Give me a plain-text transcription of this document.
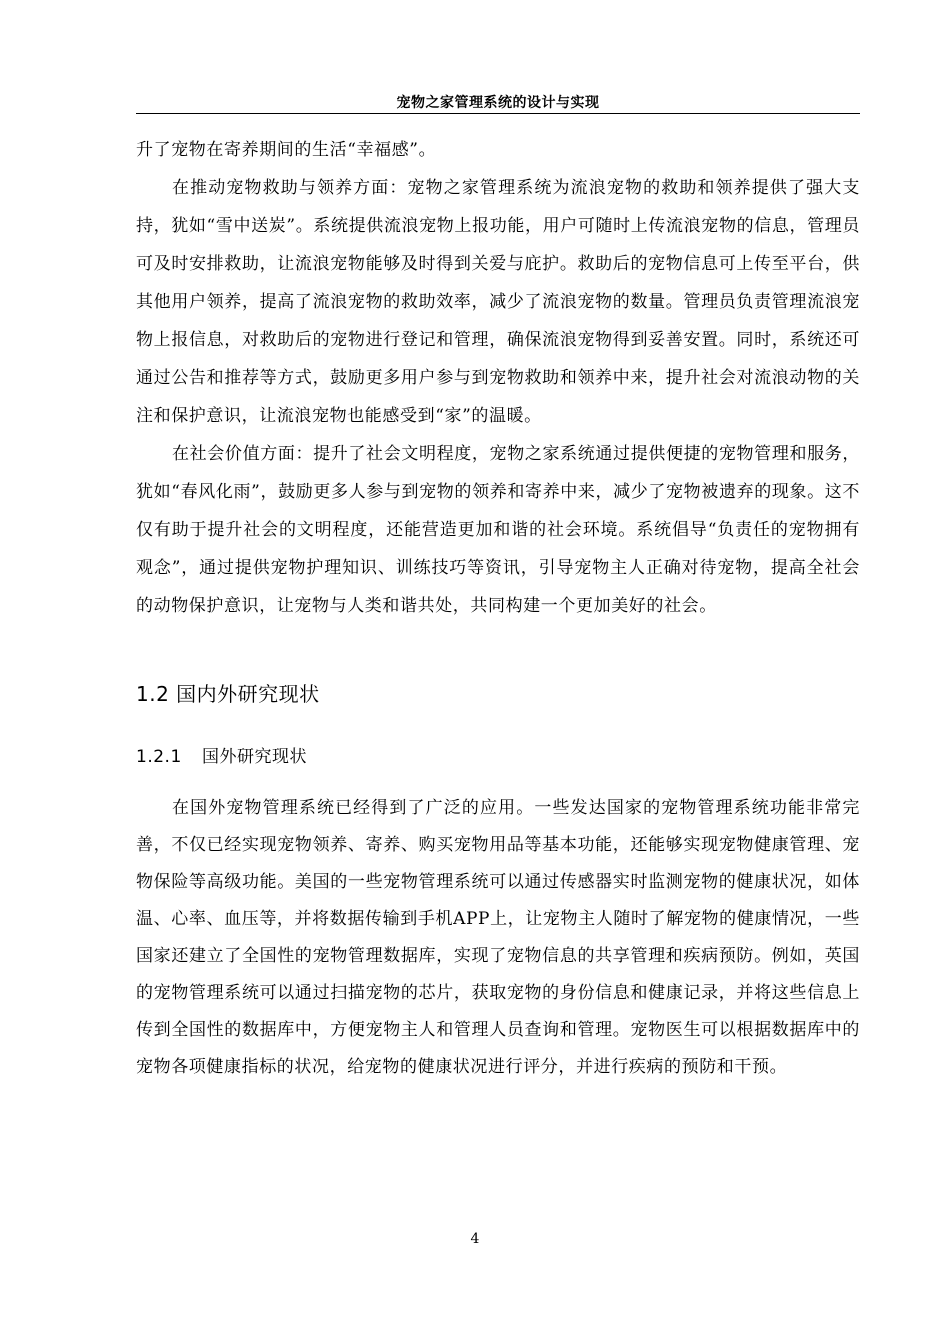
宠物之家管理系统的设计与实现

升了宠物在寄养期间的生活“幸福感”。

在推动宠物救助与领养方面：宠物之家管理系统为流浪宠物的救助和领养提供了强大支持，犹如“雪中送炭”。系统提供流浪宠物上报功能，用户可随时上传流浪宠物的信息，管理员可及时安排救助，让流浪宠物能够及时得到关爱与庇护。救助后的宠物信息可上传至平台，供其他用户领养，提高了流浪宠物的救助效率，减少了流浪宠物的数量。管理员负责管理流浪宠物上报信息，对救助后的宠物进行登记和管理，确保流浪宠物得到妥善安置。同时，系统还可通过公告和推荐等方式，鼓励更多用户参与到宠物救助和领养中来，提升社会对流浪动物的关注和保护意识，让流浪宠物也能感受到“家”的温暖。

在社会价值方面：提升了社会文明程度，宠物之家系统通过提供便捷的宠物管理和服务，犹如“春风化雨”，鼓励更多人参与到宠物的领养和寄养中来，减少了宠物被遗弃的现象。这不仅有助于提升社会的文明程度，还能营造更加和谐的社会环境。系统倡导“负责任的宠物拥有观念”，通过提供宠物护理知识、训练技巧等资讯，引导宠物主人正确对待宠物，提高全社会的动物保护意识，让宠物与人类和谐共处，共同构建一个更加美好的社会。

1.2 国内外研究现状
1.2.1 国外研究现状

在国外宠物管理系统已经得到了广泛的应用。一些发达国家的宠物管理系统功能非常完善，不仅已经实现宠物领养、寄养、购买宠物用品等基本功能，还能够实现宠物健康管理、宠物保险等高级功能。美国的一些宠物管理系统可以通过传感器实时监测宠物的健康状况，如体温、心率、血压等，并将数据传输到手机APP上，让宠物主人随时了解宠物的健康情况，一些国家还建立了全国性的宠物管理数据库，实现了宠物信息的共享管理和疾病预防。例如，英国的宠物管理系统可以通过扫描宠物的芯片，获取宠物的身份信息和健康记录，并将这些信息上传到全国性的数据库中，方便宠物主人和管理人员查询和管理。宠物医生可以根据数据库中的宠物各项健康指标的状况，给宠物的健康状况进行评分，并进行疾病的预防和干预。

4
